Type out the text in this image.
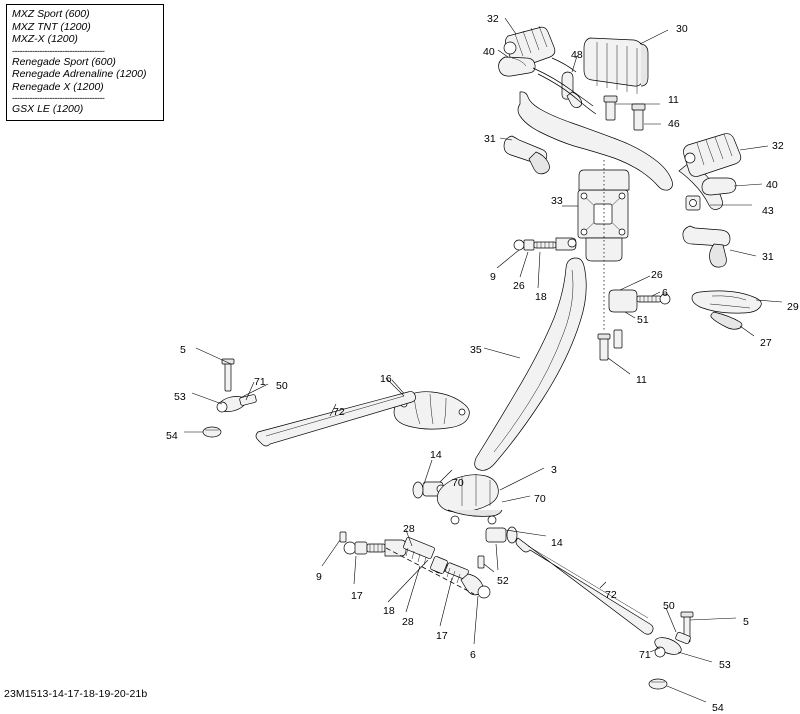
MXZ Sport (600)
MXZ TNT (1200)
MXZ-X (1200)
-------------------------------------
Renegade Sport (600)
Renegade Adrenaline (1200)
Renegade X (1200)
-------------------------------------
GSX LE (1200)
32
30
40	48
11
46
31
32
40
33
43
31
9
26
18
26
6
29
27
51
35
11
5
71 50
16
53
72
54
14
70
3
70
14
28
9
17
18
28
17
52
6
72
50
5
71
53
54
23M1513-14-17-18-19-20-21b
